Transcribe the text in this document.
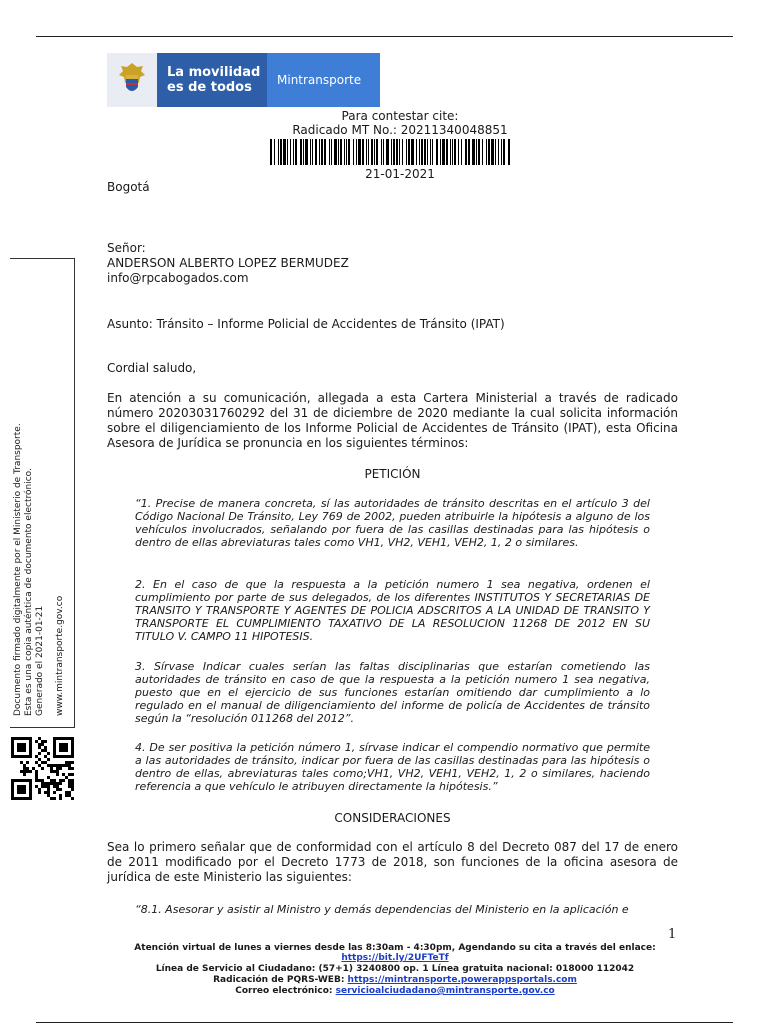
La movilidad
es de todos	Mintransporte
Para contestar cite:
Radicado MT No.: 20211340048851
21-01-2021
Bogotá
Señor:
ANDERSON ALBERTO LOPEZ BERMUDEZ
info@rpcabogados.com
Asunto: Tránsito – Informe Policial de Accidentes de Tránsito (IPAT)
Cordial saludo,
En atención a su comunicación, allegada a esta Cartera Ministerial a través de radicado número 20203031760292 del 31 de diciembre de 2020 mediante la cual solicita información sobre el diligenciamiento de los Informe Policial de Accidentes de Tránsito (IPAT), esta Oficina Asesora de Jurídica se pronuncia en los siguientes términos:
PETICIÓN
“1. Precise de manera concreta, sí las autoridades de tránsito descritas en el artículo 3 del Código Nacional De Tránsito, Ley 769 de 2002, pueden atribuirle la hipótesis a alguno de los vehículos involucrados, señalando por fuera de las casillas destinadas para las hipótesis o dentro de ellas abreviaturas tales como VH1, VH2, VEH1, VEH2, 1, 2 o similares.
2. En el caso de que la respuesta a la petición numero 1 sea negativa, ordenen el cumplimiento por parte de sus delegados, de los diferentes INSTITUTOS Y SECRETARIAS DE TRANSITO Y TRANSPORTE Y AGENTES DE POLICIA ADSCRITOS A LA UNIDAD DE TRANSITO Y TRANSPORTE EL CUMPLIMIENTO TAXATIVO DE LA RESOLUCION 11268 DE 2012 EN SU TITULO V. CAMPO 11 HIPOTESIS.
3. Sírvase Indicar cuales serían las faltas disciplinarias que estarían cometiendo las autoridades de tránsito en caso de que la respuesta a la petición numero 1 sea negativa, puesto que en el ejercicio de sus funciones estarían omitiendo dar cumplimiento a lo regulado en el manual de diligenciamiento del informe de policía de Accidentes de tránsito según la “resolución 011268 del 2012”.
4. De ser positiva la petición número 1, sírvase indicar el compendio normativo que permite a las autoridades de tránsito, indicar por fuera de las casillas destinadas para las hipótesis o dentro de ellas, abreviaturas tales como;VH1, VH2, VEH1, VEH2, 1, 2 o similares, haciendo referencia a que vehículo le atribuyen directamente la hipótesis.”
CONSIDERACIONES
Sea lo primero señalar que de conformidad con el artículo 8 del Decreto 087 del 17 de enero de 2011 modificado por el Decreto 1773 de 2018, son funciones de la oficina asesora de jurídica de este Ministerio las siguientes:
“8.1. Asesorar y asistir al Ministro y demás dependencias del Ministerio en la aplicación e
Documento firmado digitalmente por el Ministerio de Transporte. Esta es una copia auténtica de documento electrónico. Generado el 2021-01-21 www.mintransporte.gov.co
1
Atención virtual de lunes a viernes desde las 8:30am - 4:30pm, Agendando su cita a través del enlace:
https://bit.ly/2UFTeTf
Línea de Servicio al Ciudadano: (57+1) 3240800 op. 1 Línea gratuita nacional: 018000 112042
Radicación de PQRS-WEB: https://mintransporte.powerappsportals.com
Correo electrónico: servicioalciudadano@mintransporte.gov.co
